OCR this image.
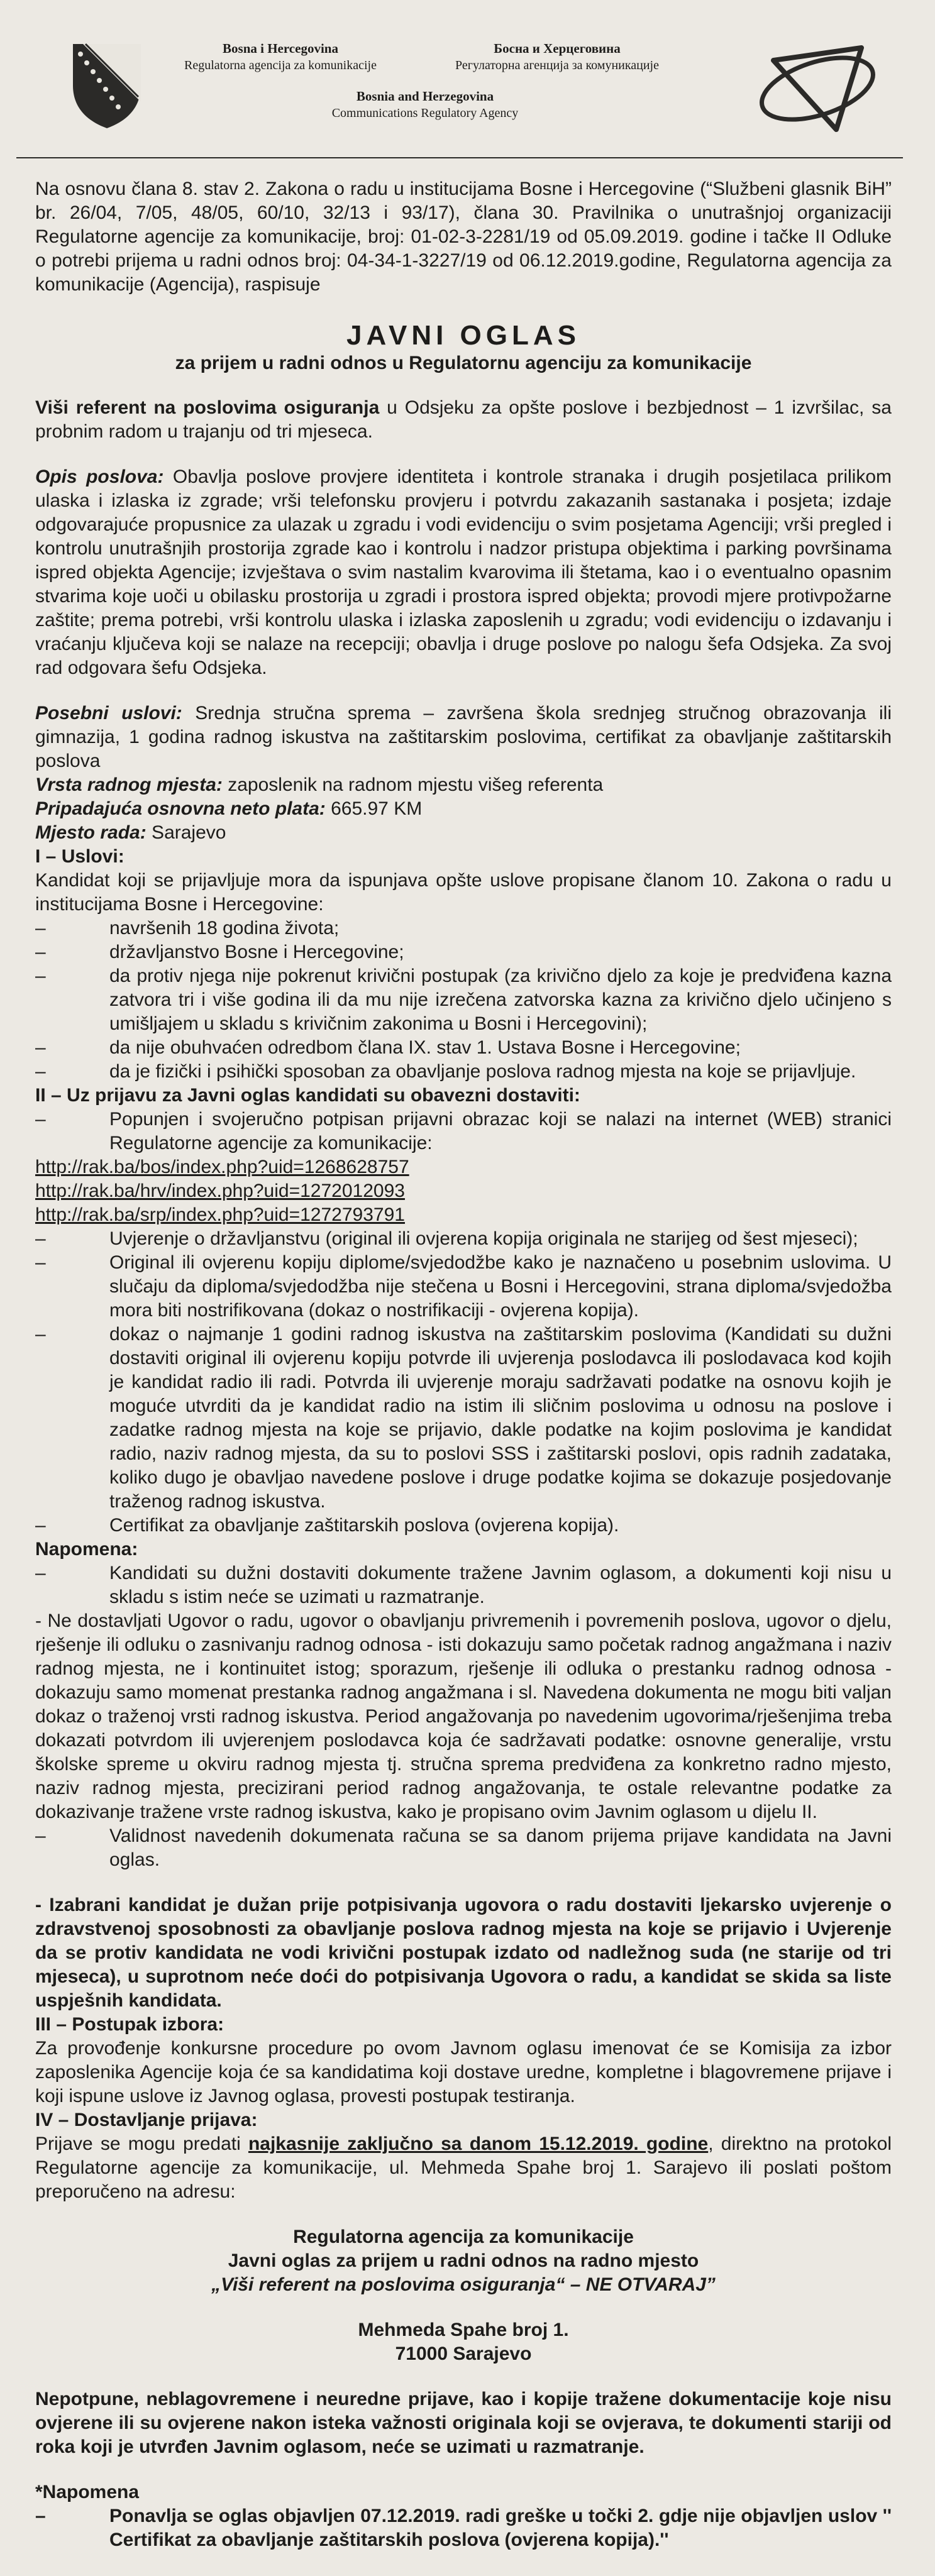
Bosna i Hercegovina
Regulatorna agencija za komunikacije
Босна и Херцеговина
Регулаторна агенција за комуникације
Bosnia and Herzegovina
Communications Regulatory Agency

Na osnovu člana 8. stav 2. Zakona o radu u institucijama Bosne i Hercegovine (“Službeni glasnik BiH” br. 26/04, 7/05, 48/05, 60/10, 32/13 i 93/17), člana 30. Pravilnika o unutrašnjoj organizaciji Regulatorne agencije za komunikacije, broj: 01-02-3-2281/19 od 05.09.2019. godine i tačke II Odluke o potrebi prijema u radni odnos broj: 04-34-1-3227/19 od 06.12.2019.godine, Regulatorna agencija za komunikacije (Agencija), raspisuje

JAVNI OGLAS
za prijem u radni odnos u Regulatornu agenciju za komunikacije

Viši referent na poslovima osiguranja u Odsjeku za opšte poslove i bezbjednost – 1 izvršilac, sa probnim radom u trajanju od tri mjeseca.

Opis poslova: Obavlja poslove provjere identiteta i kontrole stranaka i drugih posjetilaca prilikom ulaska i izlaska iz zgrade; vrši telefonsku provjeru i potvrdu zakazanih sastanaka i posjeta; izdaje odgovarajuće propusnice za ulazak u zgradu i vodi evidenciju o svim posjetama Agenciji; vrši pregled i kontrolu unutrašnjih prostorija zgrade kao i kontrolu i nadzor pristupa objektima i parking površinama ispred objekta Agencije; izvještava o svim nastalim kvarovima ili štetama, kao i o eventualno opasnim stvarima koje uoči u obilasku prostorija u zgradi i prostora ispred objekta; provodi mjere protivpožarne zaštite; prema potrebi, vrši kontrolu ulaska i izlaska zaposlenih u zgradu; vodi evidenciju o izdavanju i vraćanju ključeva koji se nalaze na recepciji; obavlja i druge poslove po nalogu šefa Odsjeka. Za svoj rad odgovara šefu Odsjeka.

Posebni uslovi: Srednja stručna sprema – završena škola srednjeg stručnog obrazovanja ili gimnazija, 1 godina radnog iskustva na zaštitarskim poslovima, certifikat za obavljanje zaštitarskih poslova

Vrsta radnog mjesta: zaposlenik na radnom mjestu višeg referenta

Pripadajuća osnovna neto plata: 665.97 KM

Mjesto rada: Sarajevo

I – Uslovi:

Kandidat koji se prijavljuje mora da ispunjava opšte uslove propisane članom 10. Zakona o radu u institucijama Bosne i Hercegovine:

– navršenih 18 godina života;
– državljanstvo Bosne i Hercegovine;
– da protiv njega nije pokrenut krivični postupak (za krivično djelo za koje je predviđena kazna zatvora tri i više godina ili da mu nije izrečena zatvorska kazna za krivično djelo učinjeno s umišljajem u skladu s krivičnim zakonima u Bosni i Hercegovini);
– da nije obuhvaćen odredbom člana IX. stav 1. Ustava Bosne i Hercegovine;
– da je fizički i psihički sposoban za obavljanje poslova radnog mjesta na koje se prijavljuje.

II – Uz prijavu za Javni oglas kandidati su obavezni dostaviti:

– Popunjen i svojeručno potpisan prijavni obrazac koji se nalazi na internet (WEB) stranici Regulatorne agencije za komunikacije:
http://rak.ba/bos/index.php?uid=1268628757
http://rak.ba/hrv/index.php?uid=1272012093
http://rak.ba/srp/index.php?uid=1272793791
– Uvjerenje o državljanstvu (original ili ovjerena kopija originala ne starijeg od šest mjeseci);
– Original ili ovjerenu kopiju diplome/svjedodžbe kako je naznačeno u posebnim uslovima. U slučaju da diploma/svjedodžba nije stečena u Bosni i Hercegovini, strana diploma/svjedožba mora biti nostrifikovana (dokaz o nostrifikaciji - ovjerena kopija).
– dokaz o najmanje 1 godini radnog iskustva na zaštitarskim poslovima (Kandidati su dužni dostaviti original ili ovjerenu kopiju potvrde ili uvjerenja poslodavca ili poslodavaca kod kojih je kandidat radio ili radi. Potvrda ili uvjerenje moraju sadržavati podatke na osnovu kojih je moguće utvrditi da je kandidat radio na istim ili sličnim poslovima u odnosu na poslove i zadatke radnog mjesta na koje se prijavio, dakle podatke na kojim poslovima je kandidat radio, naziv radnog mjesta, da su to poslovi SSS i zaštitarski poslovi, opis radnih zadataka, koliko dugo je obavljao navedene poslove i druge podatke kojima se dokazuje posjedovanje traženog radnog iskustva.
– Certifikat za obavljanje zaštitarskih poslova (ovjerena kopija).

Napomena:

– Kandidati su dužni dostaviti dokumente tražene Javnim oglasom, a dokumenti koji nisu u skladu s istim neće se uzimati u razmatranje.

- Ne dostavljati Ugovor o radu, ugovor o obavljanju privremenih i povremenih poslova, ugovor o djelu, rješenje ili odluku o zasnivanju radnog odnosa - isti dokazuju samo početak radnog angažmana i naziv radnog mjesta, ne i kontinuitet istog; sporazum, rješenje ili odluka o prestanku radnog odnosa - dokazuju samo momenat prestanka radnog angažmana i sl. Navedena dokumenta ne mogu biti valjan dokaz o traženoj vrsti radnog iskustva. Period angažovanja po navedenim ugovorima/rješenjima treba dokazati potvrdom ili uvjerenjem poslodavca koja će sadržavati podatke: osnovne generalije, vrstu školske spreme u okviru radnog mjesta tj. stručna sprema predviđena za konkretno radno mjesto, naziv radnog mjesta, precizirani period radnog angažovanja, te ostale relevantne podatke za dokazivanje tražene vrste radnog iskustva, kako je propisano ovim Javnim oglasom u dijelu II.

– Validnost navedenih dokumenata računa se sa danom prijema prijave kandidata na Javni oglas.

- Izabrani kandidat je dužan prije potpisivanja ugovora o radu dostaviti ljekarsko uvjerenje o zdravstvenoj sposobnosti za obavljanje poslova radnog mjesta na koje se prijavio i Uvjerenje da se protiv kandidata ne vodi krivični postupak izdato od nadležnog suda (ne starije od tri mjeseca), u suprotnom neće doći do potpisivanja Ugovora o radu, a kandidat se skida sa liste uspješnih kandidata.

III – Postupak izbora:

Za provođenje konkursne procedure po ovom Javnom oglasu imenovat će se Komisija za izbor zaposlenika Agencije koja će sa kandidatima koji dostave uredne, kompletne i blagovremene prijave i koji ispune uslove iz Javnog oglasa, provesti postupak testiranja.

IV – Dostavljanje prijava:

Prijave se mogu predati najkasnije zaključno sa danom 15.12.2019. godine, direktno na protokol Regulatorne agencije za komunikacije, ul. Mehmeda Spahe broj 1. Sarajevo ili poslati poštom preporučeno na adresu:

Regulatorna agencija za komunikacije
Javni oglas za prijem u radni odnos na radno mjesto
„Viši referent na poslovima osiguranja“ – NE OTVARAJ”
Mehmeda Spahe broj 1.
71000 Sarajevo

Nepotpune, neblagovremene i neuredne prijave, kao i kopije tražene dokumentacije koje nisu ovjerene ili su ovjerene nakon isteka važnosti originala koji se ovjerava, te dokumenti stariji od roka koji je utvrđen Javnim oglasom, neće se uzimati u razmatranje.

*Napomena

– Ponavlja se oglas objavljen 07.12.2019. radi greške u točki 2. gdje nije objavljen uslov '' Certifikat za obavljanje zaštitarskih poslova (ovjerena kopija).''
